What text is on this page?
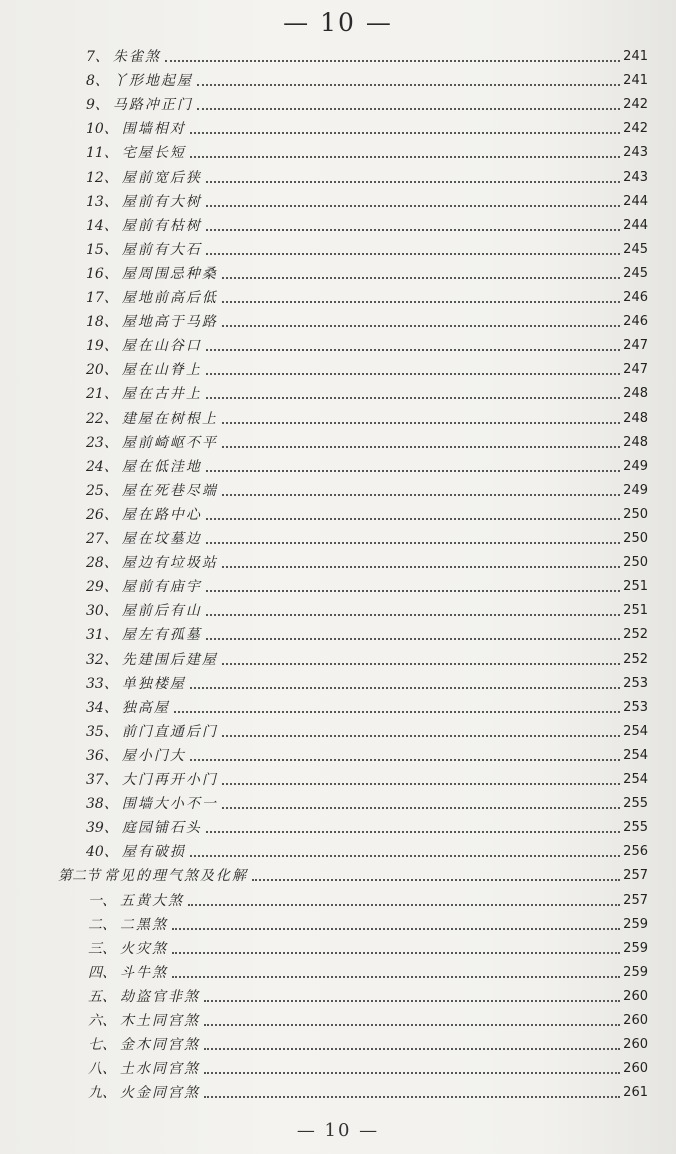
— 10 —
7、 朱雀煞	241
8、 丫形地起屋	241
9、 马路冲正门	242
10、 围墙相对	242
11、 宅屋长短	243
12、 屋前宽后狭	243
13、 屋前有大树	244
14、 屋前有枯树	244
15、 屋前有大石	245
16、 屋周围忌种桑	245
17、 屋地前高后低	246
18、 屋地高于马路	246
19、 屋在山谷口	247
20、 屋在山脊上	247
21、 屋在古井上	248
22、 建屋在树根上	248
23、 屋前崎岖不平	248
24、 屋在低洼地	249
25、 屋在死巷尽端	249
26、 屋在路中心	250
27、 屋在坟墓边	250
28、 屋边有垃圾站	250
29、 屋前有庙宇	251
30、 屋前后有山	251
31、 屋左有孤墓	252
32、 先建围后建屋	252
33、 单独楼屋	253
34、 独高屋	253
35、 前门直通后门	254
36、 屋小门大	254
37、 大门再开小门	254
38、 围墙大小不一	255
39、 庭园铺石头	255
40、 屋有破损	256
第二节 常见的理气煞及化解	257
一、 五黄大煞	257
二、 二黑煞	259
三、 火灾煞	259
四、 斗牛煞	259
五、 劫盗官非煞	260
六、 木土同宫煞	260
七、 金木同宫煞	260
八、 土水同宫煞	260
九、 火金同宫煞	261
— 10 —
